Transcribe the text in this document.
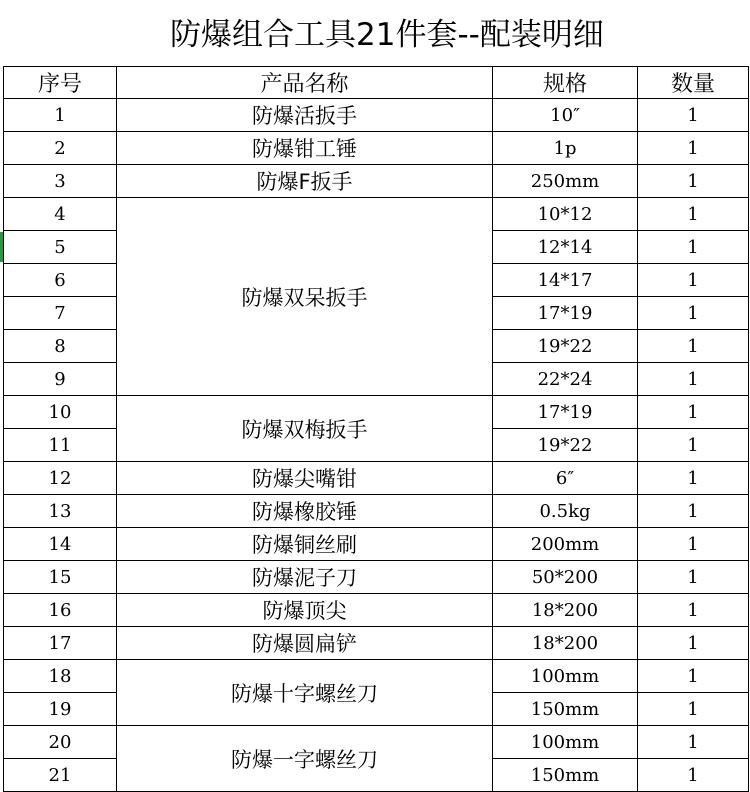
防爆组合工具21件套--配装明细
序号	产品名称	规格	数量
1	防爆活扳手	10″	1
2	防爆钳工锤	1p	1
3	防爆F扳手	250mm	1
4	防爆双呆扳手	10*12	1
5		12*14	1
6		14*17	1
7		17*19	1
8		19*22	1
9		22*24	1
10	防爆双梅扳手	17*19	1
11		19*22	1
12	防爆尖嘴钳	6″	1
13	防爆橡胶锤	0.5kg	1
14	防爆铜丝刷	200mm	1
15	防爆泥子刀	50*200	1
16	防爆顶尖	18*200	1
17	防爆圆扁铲	18*200	1
18	防爆十字螺丝刀	100mm	1
19		150mm	1
20	防爆一字螺丝刀	100mm	1
21		150mm	1
